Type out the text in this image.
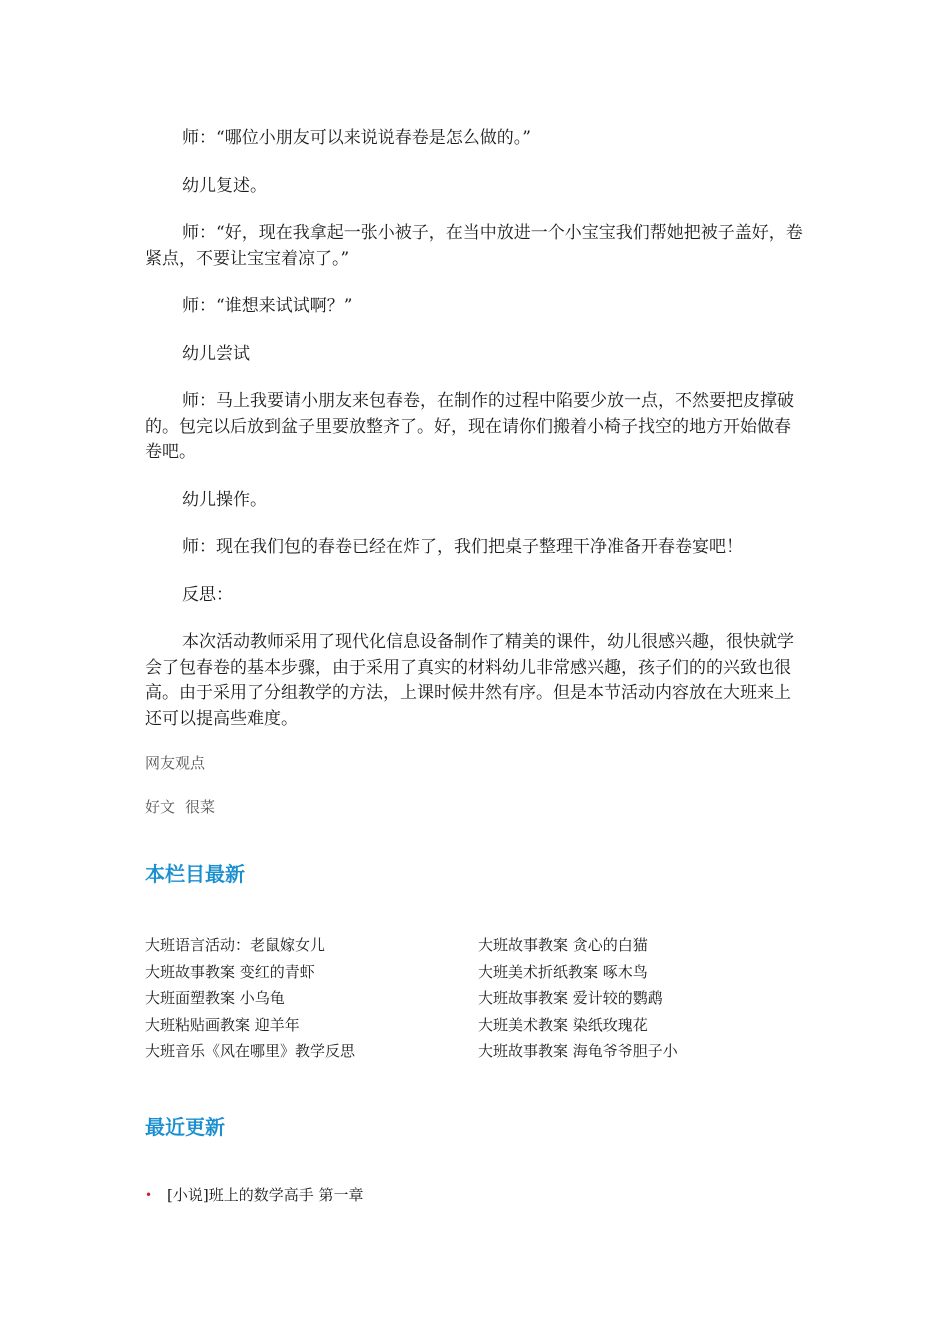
师：“哪位小朋友可以来说说春卷是怎么做的。”

幼儿复述。

师：“好，现在我拿起一张小被子，在当中放进一个小宝宝我们帮她把被子盖好，卷紧点，不要让宝宝着凉了。”

师：“谁想来试试啊？”

幼儿尝试

师：马上我要请小朋友来包春卷，在制作的过程中陷要少放一点，不然要把皮撑破的。包完以后放到盆子里要放整齐了。好，现在请你们搬着小椅子找空的地方开始做春卷吧。

幼儿操作。

师：现在我们包的春卷已经在炸了，我们把桌子整理干净准备开春卷宴吧！

反思：

本次活动教师采用了现代化信息设备制作了精美的课件，幼儿很感兴趣，很快就学会了包春卷的基本步骤，由于采用了真实的材料幼儿非常感兴趣，孩子们的的兴致也很高。由于采用了分组教学的方法，上课时候井然有序。但是本节活动内容放在大班来上还可以提高些难度。

网友观点

好文 很菜

本栏目最新
大班语言活动：老鼠嫁女儿
大班故事教案 变红的青虾
大班面塑教案 小乌龟
大班粘贴画教案 迎羊年
大班音乐《风在哪里》教学反思
大班故事教案 贪心的白猫
大班美术折纸教案 啄木鸟
大班故事教案 爱计较的鹦鹉
大班美术教案 染纸玫瑰花
大班故事教案 海龟爷爷胆子小
最近更新
• [小说]班上的数学高手 第一章
